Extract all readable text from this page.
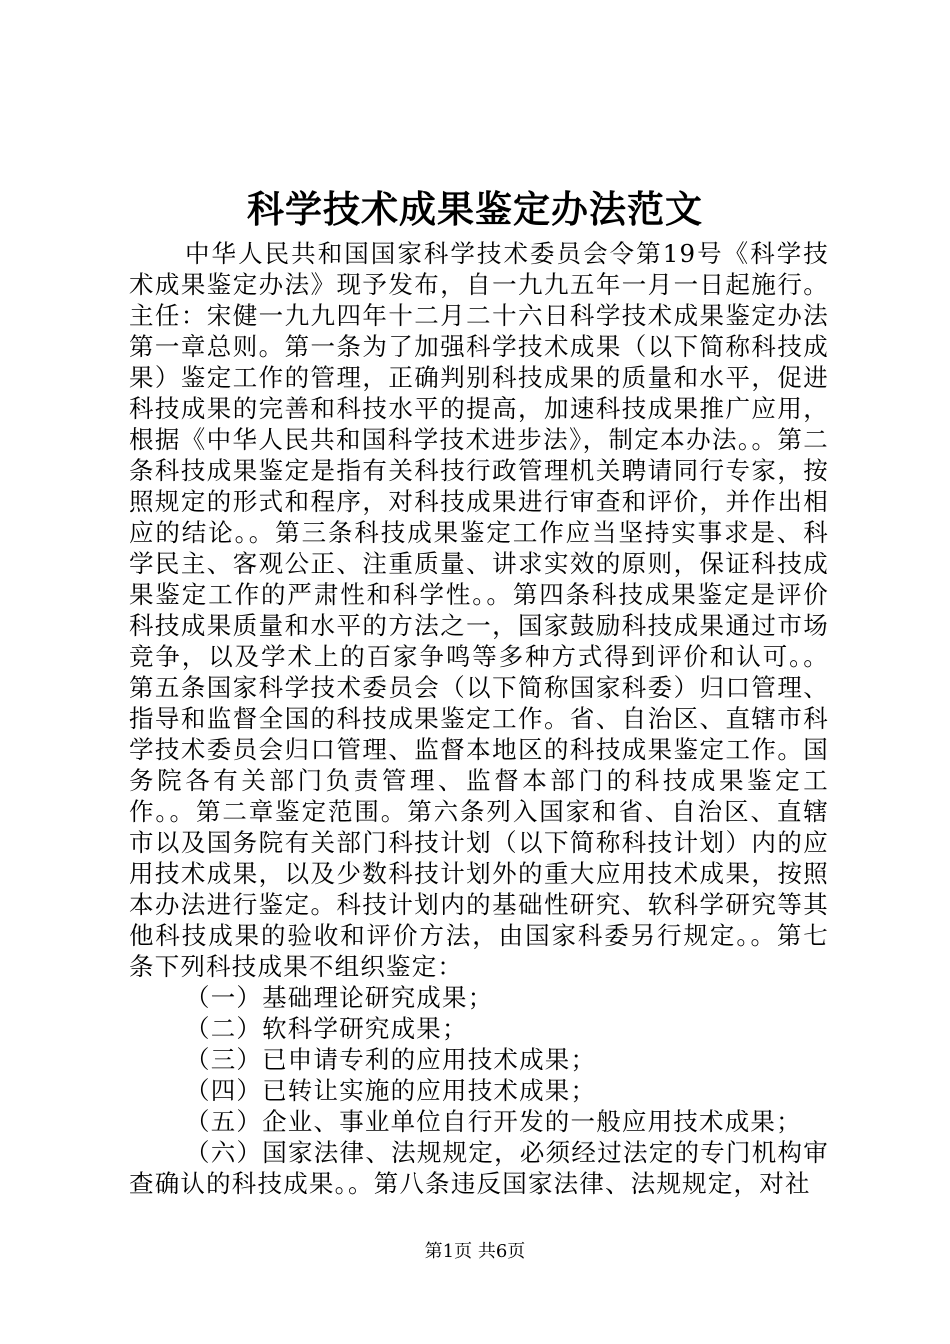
科学技术成果鉴定办法范文

中华人民共和国国家科学技术委员会令第19号《科学技术成果鉴定办法》现予发布，自一九九五年一月一日起施行。主任：宋健一九九四年十二月二十六日科学技术成果鉴定办法第一章总则。第一条为了加强科学技术成果（以下简称科技成果）鉴定工作的管理，正确判别科技成果的质量和水平，促进科技成果的完善和科技水平的提高，加速科技成果推广应用，根据《中华人民共和国科学技术进步法》，制定本办法。。第二条科技成果鉴定是指有关科技行政管理机关聘请同行专家，按照规定的形式和程序，对科技成果进行审查和评价，并作出相应的结论。。第三条科技成果鉴定工作应当坚持实事求是、科学民主、客观公正、注重质量、讲求实效的原则，保证科技成果鉴定工作的严肃性和科学性。。第四条科技成果鉴定是评价科技成果质量和水平的方法之一，国家鼓励科技成果通过市场竞争，以及学术上的百家争鸣等多种方式得到评价和认可。。第五条国家科学技术委员会（以下简称国家科委）归口管理、指导和监督全国的科技成果鉴定工作。省、自治区、直辖市科学技术委员会归口管理、监督本地区的科技成果鉴定工作。国务院各有关部门负责管理、监督本部门的科技成果鉴定工作。。第二章鉴定范围。第六条列入国家和省、自治区、直辖市以及国务院有关部门科技计划（以下简称科技计划）内的应用技术成果，以及少数科技计划外的重大应用技术成果，按照本办法进行鉴定。科技计划内的基础性研究、软科学研究等其他科技成果的验收和评价方法，由国家科委另行规定。。第七条下列科技成果不组织鉴定：

（一）基础理论研究成果；

（二）软科学研究成果；

（三）已申请专利的应用技术成果；

（四）已转让实施的应用技术成果；

（五）企业、事业单位自行开发的一般应用技术成果；

（六）国家法律、法规规定，必须经过法定的专门机构审查确认的科技成果。。第八条违反国家法律、法规规定，对社

第1页 共6页
